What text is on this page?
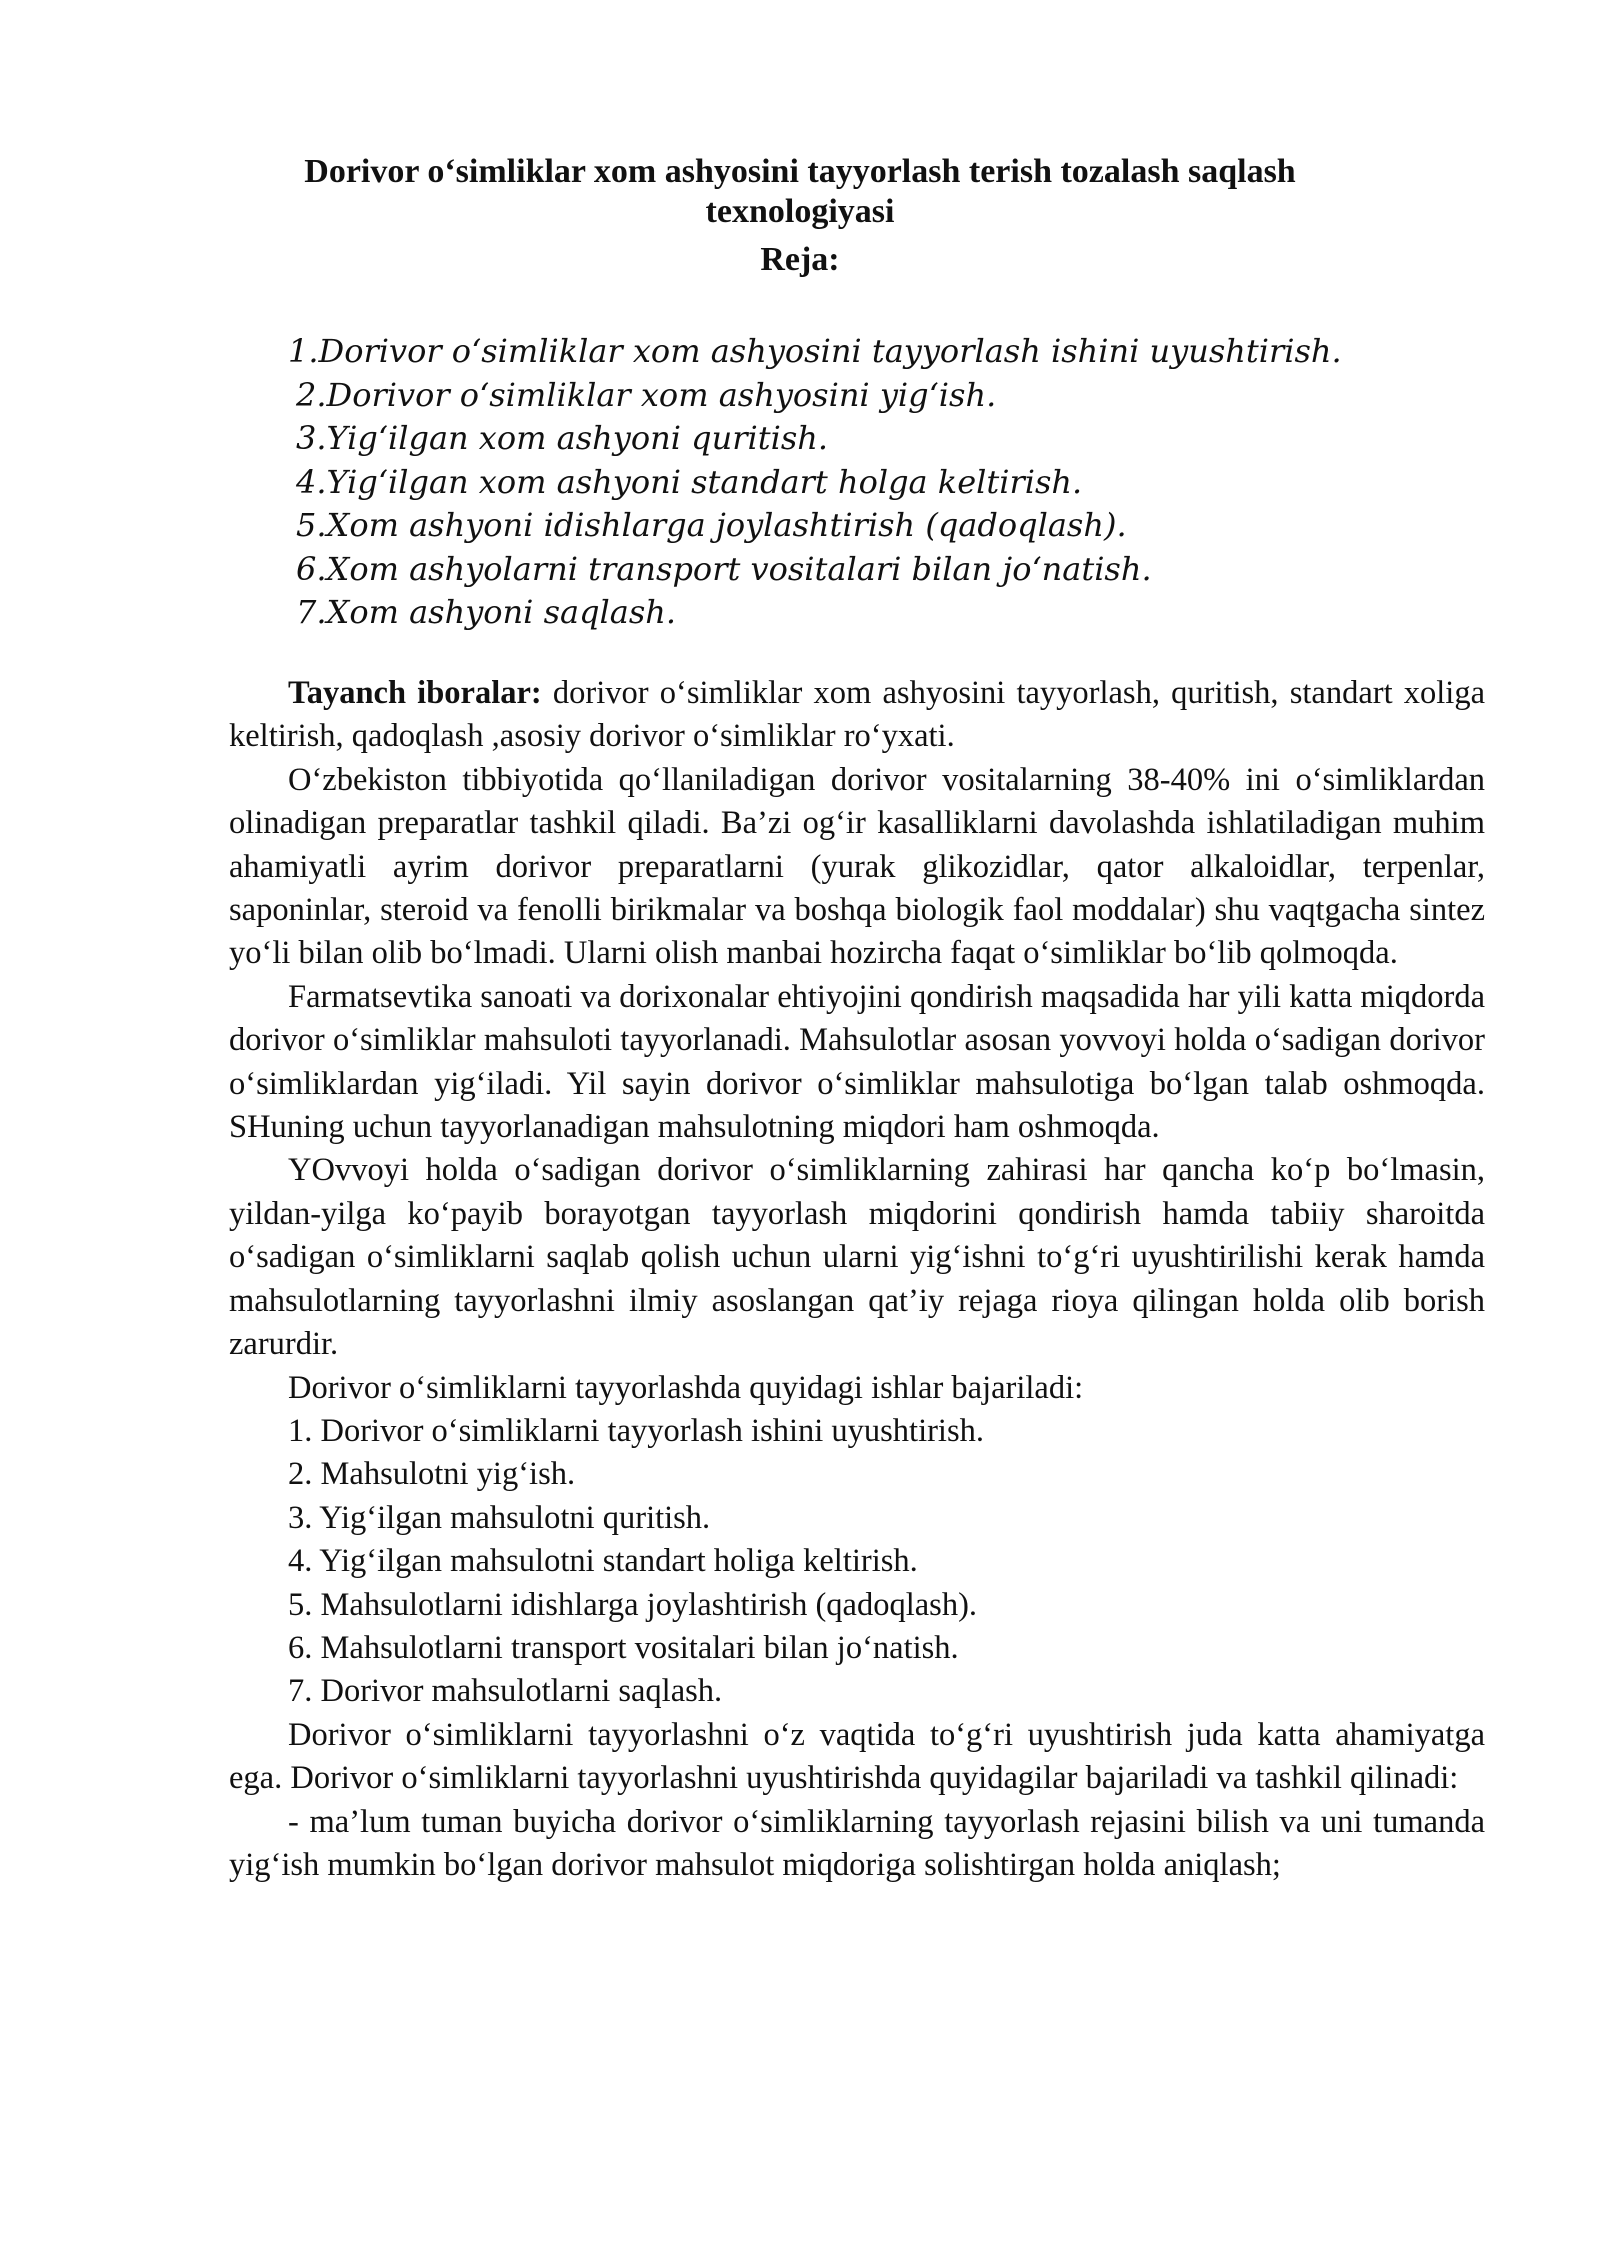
Dorivor o‘simliklar xom ashyosini tayyorlash terish tozalash saqlash
texnologiyasi
Reja:
1.Dorivor o‘simliklar xom ashyosini tayyorlash ishini uyushtirish.
2.Dorivor o‘simliklar xom ashyosini yig‘ish.
3.Yig‘ilgan xom ashyoni quritish.
4.Yig‘ilgan xom ashyoni standart holga keltirish.
5.Xom ashyoni idishlarga joylashtirish (qadoqlash).
6.Xom ashyolarni transport vositalari bilan jo‘natish.
7.Xom ashyoni saqlash.

Tayanch iboralar: dorivor o‘simliklar xom ashyosini tayyorlash, quritish, standart xoliga keltirish, qadoqlash ,asosiy dorivor o‘simliklar ro‘yxati.

O‘zbekiston tibbiyotida qo‘llaniladigan dorivor vositalarning 38-40% ini o‘simliklardan olinadigan preparatlar tashkil qiladi. Ba’zi og‘ir kasalliklarni davolashda ishlatiladigan muhim ahamiyatli ayrim dorivor preparatlarni (yurak glikozidlar, qator alkaloidlar, terpenlar, saponinlar, steroid va fenolli birikmalar va boshqa biologik faol moddalar) shu vaqtgacha sintez yo‘li bilan olib bo‘lmadi. Ularni olish manbai hozircha faqat o‘simliklar bo‘lib qolmoqda.

Farmatsevtika sanoati va dorixonalar ehtiyojini qondirish maqsadida har yili katta miqdorda dorivor o‘simliklar mahsuloti tayyorlanadi. Mahsulotlar asosan yovvoyi holda o‘sadigan dorivor o‘simliklardan yig‘iladi. Yil sayin dorivor o‘simliklar mahsulotiga bo‘lgan talab oshmoqda. SHuning uchun tayyorlanadigan mahsulotning miqdori ham oshmoqda.

YOvvoyi holda o‘sadigan dorivor o‘simliklarning zahirasi har qancha ko‘p bo‘lmasin, yildan-yilga ko‘payib borayotgan tayyorlash miqdorini qondirish hamda tabiiy sharoitda o‘sadigan o‘simliklarni saqlab qolish uchun ularni yig‘ishni to‘g‘ri uyushtirilishi kerak hamda mahsulotlarning tayyorlashni ilmiy asoslangan qat’iy rejaga rioya qilingan holda olib borish zarurdir.

Dorivor o‘simliklarni tayyorlashda quyidagi ishlar bajariladi:

1. Dorivor o‘simliklarni tayyorlash ishini uyushtirish.
2. Mahsulotni yig‘ish.
3. Yig‘ilgan mahsulotni quritish.
4. Yig‘ilgan mahsulotni standart holiga keltirish.
5. Mahsulotlarni idishlarga joylashtirish (qadoqlash).
6. Mahsulotlarni transport vositalari bilan jo‘natish.
7. Dorivor mahsulotlarni saqlash.

Dorivor o‘simliklarni tayyorlashni o‘z vaqtida to‘g‘ri uyushtirish juda katta ahamiyatga ega. Dorivor o‘simliklarni tayyorlashni uyushtirishda quyidagilar bajariladi va tashkil qilinadi:

- ma’lum tuman buyicha dorivor o‘simliklarning tayyorlash rejasini bilish va uni tumanda yig‘ish mumkin bo‘lgan dorivor mahsulot miqdoriga solishtirgan holda aniqlash;
